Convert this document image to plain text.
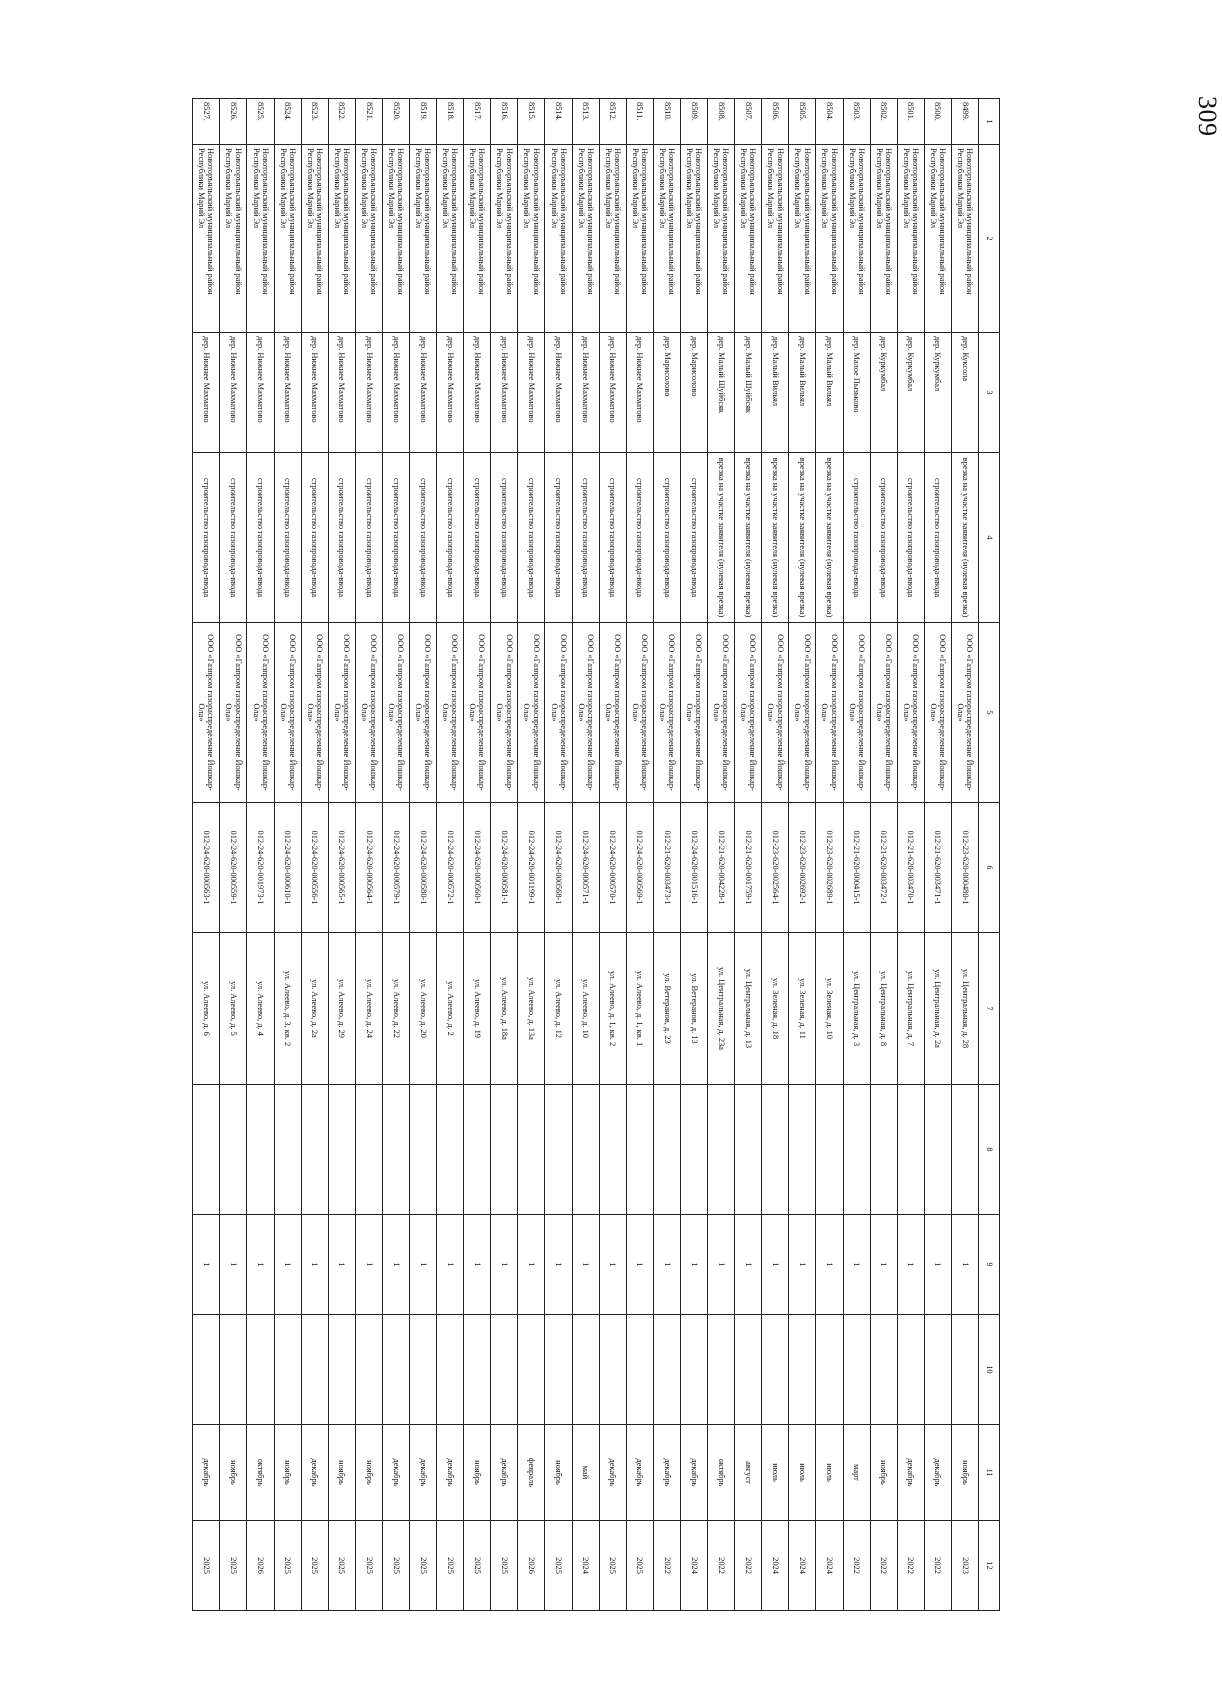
309
1	2	3	4	5	6	7	8	9	10	11	12
8499.	Новоторъяльский муниципальный район Республики Марий Эл	дер. Куксола	врезка на участке заявителя (нулевая врезка)	ООО «Газпром газораспределение Йошкар-Ола»	012-23-620-000480-1	ул. Центральная, д. 28		1		ноябрь	2023
8500.	Новоторъяльский муниципальный район Республики Марий Эл	дер. Куркумбал	строительство газопровода-ввода	ООО «Газпром газораспределение Йошкар-Ола»	012-21-620-003471-1	ул. Центральная, д. 2а		1		декабрь	2022
8501.	Новоторъяльский муниципальный район Республики Марий Эл	дер. Куркумбал	строительство газопровода-ввода	ООО «Газпром газораспределение Йошкар-Ола»	012-21-620-003470-1	ул. Центральная, д. 7		1		декабрь	2022
8502.	Новоторъяльский муниципальный район Республики Марий Эл	дер. Куркумбал	строительство газопровода-ввода	ООО «Газпром газораспределение Йошкар-Ола»	012-21-620-003472-1	ул. Центральная, д. 8		1		ноябрь	2022
8503.	Новоторъяльский муниципальный район Республики Марий Эл	дер. Малое Пызьково	строительство газопровода-ввода	ООО «Газпром газораспределение Йошкар-Ола»	012-21-620-000415-1	ул. Центральная, д. 3		1		март	2022
8504.	Новоторъяльский муниципальный район Республики Марий Эл	дер. Малый Вильял	врезка на участке заявителя (нулевая врезка)	ООО «Газпром газораспределение Йошкар-Ола»	012-23-620-002689-1	ул. Зеленая, д. 10		1		июль	2024
8505.	Новоторъяльский муниципальный район Республики Марий Эл	дер. Малый Вильял	врезка на участке заявителя (нулевая врезка)	ООО «Газпром газораспределение Йошкар-Ола»	012-23-620-002692-1	ул. Зеленая, д. 11		1		июль	2024
8506.	Новоторъяльский муниципальный район Республики Марий Эл	дер. Малый Вильял	врезка на участке заявителя (нулевая врезка)	ООО «Газпром газораспределение Йошкар-Ола»	012-23-620-002564-1	ул. Зеленая, д. 18		1		июль	2024
8507.	Новоторъяльский муниципальный район Республики Марий Эл	дер. Малый Шуйбсяк	врезка на участке заявителя (нулевая врезка)	ООО «Газпром газораспределение Йошкар-Ола»	012-21-620-001759-1	ул. Центральная, д. 13		1		август	2022
8508.	Новоторъяльский муниципальный район Республики Марий Эл	дер. Малый Шуйбсяк	врезка на участке заявителя (нулевая врезка)	ООО «Газпром газораспределение Йошкар-Ола»	012-21-620-004228-1	ул. Центральная, д. 23а		1		октябрь	2022
8509.	Новоторъяльский муниципальный район Республики Марий Эл	дер. Марисолово	строительство газопровода-ввода	ООО «Газпром газораспределение Йошкар-Ола»	012-24-620-001516-1	ул. Ветеранов, д. 13		1		декабрь	2024
8510.	Новоторъяльский муниципальный район Республики Марий Эл	дер. Марисолово	строительство газопровода-ввода	ООО «Газпром газораспределение Йошкар-Ола»	012-21-620-003473-1	ул. Ветеранов, д. 23		1		декабрь	2022
8511.	Новоторъяльский муниципальный район Республики Марий Эл	дер. Нижнее Махматово	строительство газопровода-ввода	ООО «Газпром газораспределение Йошкар-Ола»	012-24-620-000569-1	ул. Алеево, д. 1, кв. 1		1		декабрь	2025
8512.	Новоторъяльский муниципальный район Республики Марий Эл	дер. Нижнее Махматово	строительство газопровода-ввода	ООО «Газпром газораспределение Йошкар-Ола»	012-24-620-000570-1	ул. Алеево, д. 1, кв. 2		1		декабрь	2025
8513.	Новоторъяльский муниципальный район Республики Марий Эл	дер. Нижнее Махматово	строительство газопровода-ввода	ООО «Газпром газораспределение Йошкар-Ола»	012-24-620-000571-1	ул. Алеево, д. 10		1		май	2024
8514.	Новоторъяльский муниципальный район Республики Марий Эл	дер. Нижнее Махматово	строительство газопровода-ввода	ООО «Газпром газораспределение Йошкар-Ола»	012-24-620-000568-1	ул. Алеево, д. 12		1		ноябрь	2025
8515.	Новоторъяльский муниципальный район Республики Марий Эл	дер. Нижнее Махматово	строительство газопровода-ввода	ООО «Газпром газораспределение Йошкар-Ола»	012-24-620-001199-1	ул. Алеево, д. 13а		1		февраль	2026
8516.	Новоторъяльский муниципальный район Республики Марий Эл	дер. Нижнее Махматово	строительство газопровода-ввода	ООО «Газпром газораспределение Йошкар-Ола»	012-24-620-000581-1	ул. Алеево, д. 18а		1		декабрь	2025
8517.	Новоторъяльский муниципальный район Республики Марий Эл	дер. Нижнее Махматово	строительство газопровода-ввода	ООО «Газпром газораспределение Йошкар-Ола»	012-24-620-000560-1	ул. Алеево, д. 19		1		ноябрь	2025
8518.	Новоторъяльский муниципальный район Республики Марий Эл	дер. Нижнее Махматово	строительство газопровода-ввода	ООО «Газпром газораспределение Йошкар-Ола»	012-24-620-000572-1	ул. Алеево, д. 2		1		декабрь	2025
8519.	Новоторъяльский муниципальный район Республики Марий Эл	дер. Нижнее Махматово	строительство газопровода-ввода	ООО «Газпром газораспределение Йошкар-Ола»	012-24-620-000580-1	ул. Алеево, д. 20		1		декабрь	2025
8520.	Новоторъяльский муниципальный район Республики Марий Эл	дер. Нижнее Махматово	строительство газопровода-ввода	ООО «Газпром газораспределение Йошкар-Ола»	012-24-620-000579-1	ул. Алеево, д. 22		1		декабрь	2025
8521.	Новоторъяльский муниципальный район Республики Марий Эл	дер. Нижнее Махматово	строительство газопровода-ввода	ООО «Газпром газораспределение Йошкар-Ола»	012-24-620-000564-1	ул. Алеево, д. 24		1		ноябрь	2025
8522.	Новоторъяльский муниципальный район Республики Марий Эл	дер. Нижнее Махматово	строительство газопровода-ввода	ООО «Газпром газораспределение Йошкар-Ола»	012-24-620-000565-1	ул. Алеево, д. 29		1		ноябрь	2025
8523.	Новоторъяльский муниципальный район Республики Марий Эл	дер. Нижнее Махматово	строительство газопровода-ввода	ООО «Газпром газораспределение Йошкар-Ола»	012-24-620-000556-1	ул. Алеево, д. 2а		1		декабрь	2025
8524.	Новоторъяльский муниципальный район Республики Марий Эл	дер. Нижнее Махматово	строительство газопровода-ввода	ООО «Газпром газораспределение Йошкар-Ола»	012-24-620-000610-1	ул. Алеево, д. 3, кв. 2		1		ноябрь	2025
8525.	Новоторъяльский муниципальный район Республики Марий Эл	дер. Нижнее Махматово	строительство газопровода-ввода	ООО «Газпром газораспределение Йошкар-Ола»	012-24-620-001973-1	ул. Алеево, д. 4		1		октябрь	2026
8526.	Новоторъяльский муниципальный район Республики Марий Эл	дер. Нижнее Махматово	строительство газопровода-ввода	ООО «Газпром газораспределение Йошкар-Ола»	012-24-620-000559-1	ул. Алеево, д. 5		1		ноябрь	2025
8527.	Новоторъяльский муниципальный район Республики Марий Эл	дер. Нижнее Махматово	строительство газопровода-ввода	ООО «Газпром газораспределение Йошкар-Ола»	012-24-620-000563-1	ул. Алеево, д. 6		1		декабрь	2025
